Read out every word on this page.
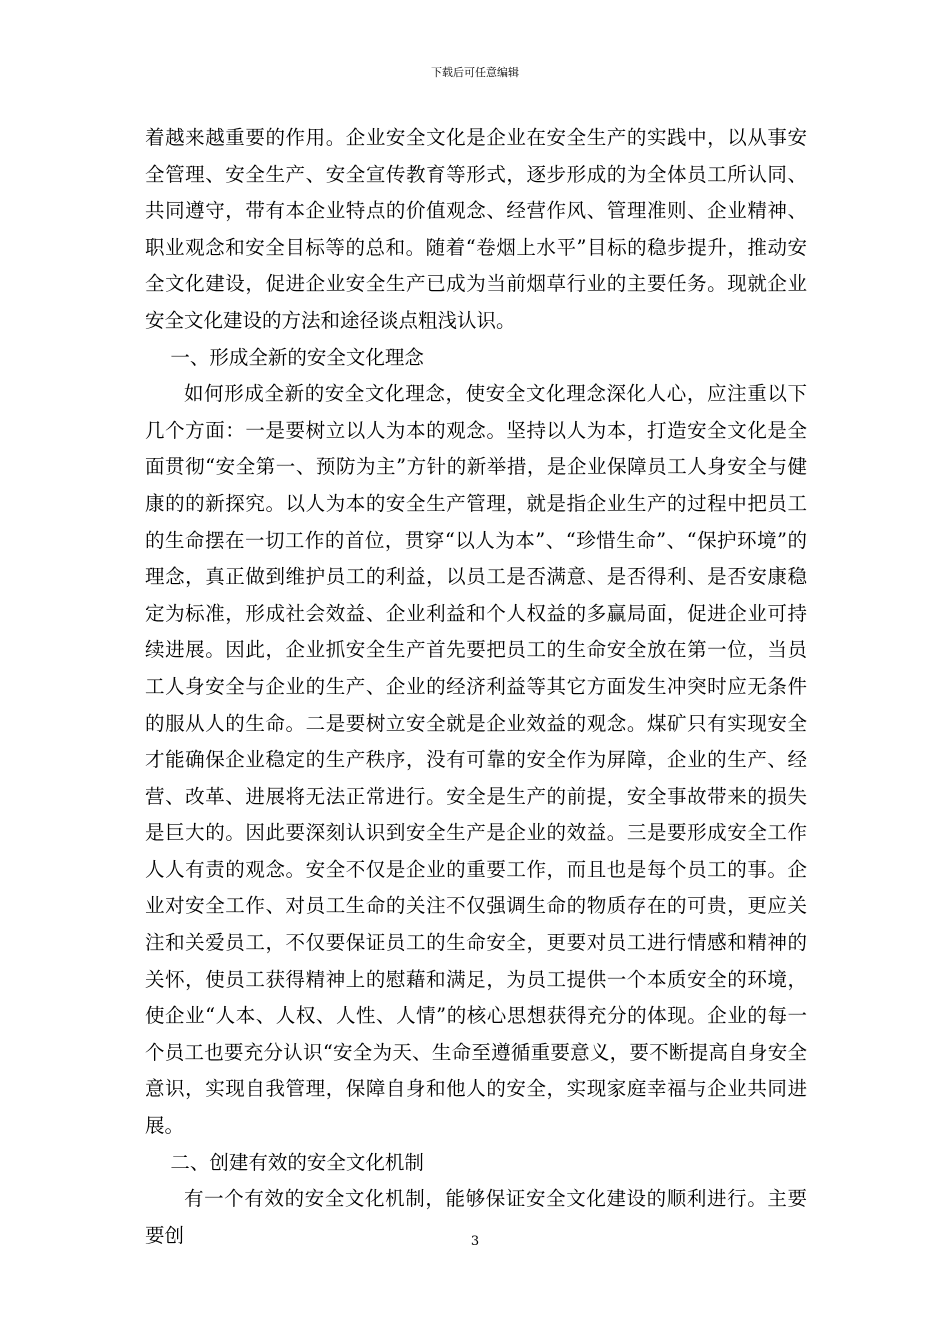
下载后可任意编辑

着越来越重要的作用。企业安全文化是企业在安全生产的实践中，以从事安全管理、安全生产、安全宣传教育等形式，逐步形成的为全体员工所认同、共同遵守，带有本企业特点的价值观念、经营作风、管理准则、企业精神、职业观念和安全目标等的总和。随着“卷烟上水平”目标的稳步提升，推动安全文化建设，促进企业安全生产已成为当前烟草行业的主要任务。现就企业安全文化建设的方法和途径谈点粗浅认识。

一、形成全新的安全文化理念

如何形成全新的安全文化理念，使安全文化理念深化人心，应注重以下几个方面：一是要树立以人为本的观念。坚持以人为本，打造安全文化是全面贯彻“安全第一、预防为主”方针的新举措，是企业保障员工人身安全与健康的的新探究。以人为本的安全生产管理，就是指企业生产的过程中把员工的生命摆在一切工作的首位，贯穿“以人为本”、“珍惜生命”、“保护环境”的理念，真正做到维护员工的利益，以员工是否满意、是否得利、是否安康稳定为标准，形成社会效益、企业利益和个人权益的多赢局面，促进企业可持续进展。因此，企业抓安全生产首先要把员工的生命安全放在第一位，当员工人身安全与企业的生产、企业的经济利益等其它方面发生冲突时应无条件的服从人的生命。二是要树立安全就是企业效益的观念。煤矿只有实现安全才能确保企业稳定的生产秩序，没有可靠的安全作为屏障，企业的生产、经营、改革、进展将无法正常进行。安全是生产的前提，安全事故带来的损失是巨大的。因此要深刻认识到安全生产是企业的效益。三是要形成安全工作人人有责的观念。安全不仅是企业的重要工作，而且也是每个员工的事。企业对安全工作、对员工生命的关注不仅强调生命的物质存在的可贵，更应关注和关爱员工，不仅要保证员工的生命安全，更要对员工进行情感和精神的关怀，使员工获得精神上的慰藉和满足，为员工提供一个本质安全的环境，使企业“人本、人权、人性、人情”的核心思想获得充分的体现。企业的每一个员工也要充分认识“安全为天、生命至遵循重要意义，要不断提高自身安全意识，实现自我管理，保障自身和他人的安全，实现家庭幸福与企业共同进展。

二、创建有效的安全文化机制

有一个有效的安全文化机制，能够保证安全文化建设的顺利进行。主要要创	3
